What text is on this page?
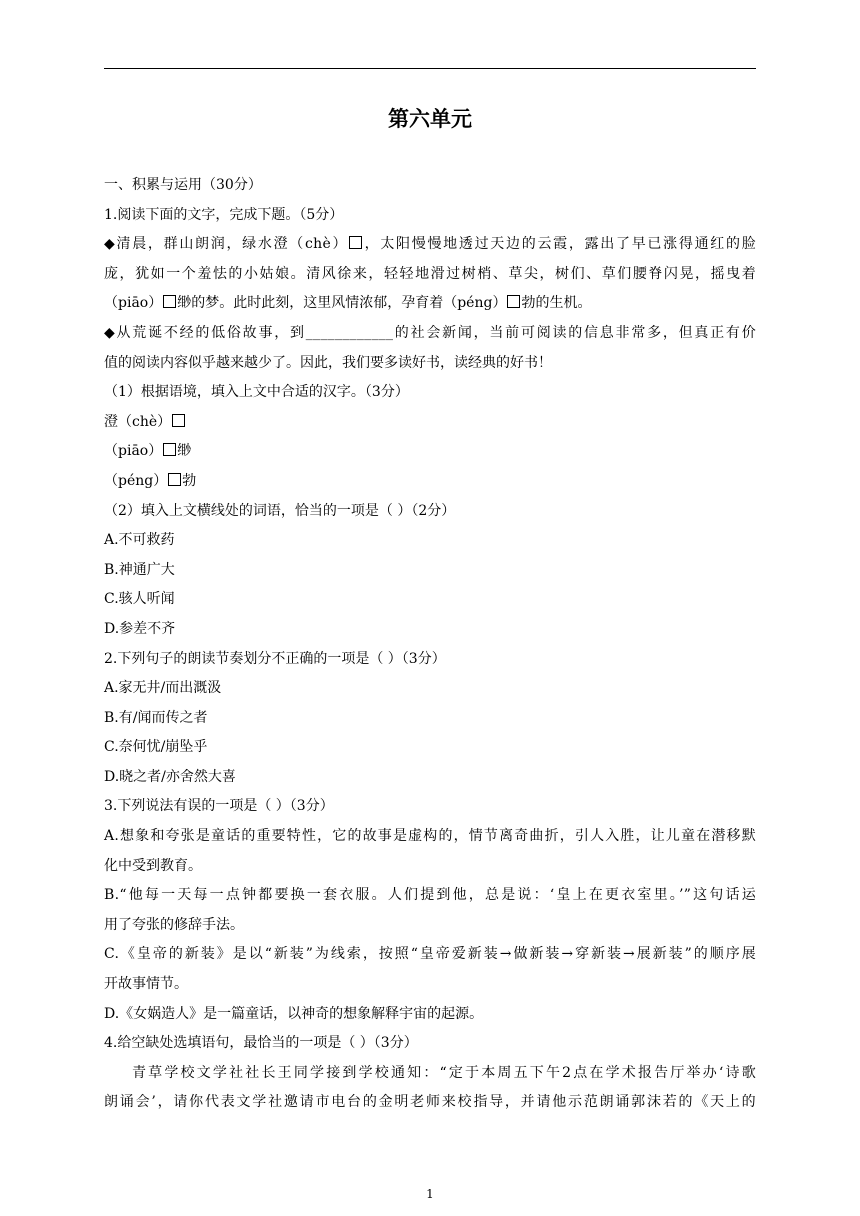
第六单元
一、积累与运用（30分）
1.阅读下面的文字，完成下题。（5分）
◆清晨，群山朗润，绿水澄（chè） ，太阳慢慢地透过天边的云霞，露出了早已涨得通红的脸
庞，犹如一个羞怯的小姑娘。清风徐来，轻轻地滑过树梢、草尖，树们、草们腰脊闪晃，摇曳着
（piāo） 缈的梦。此时此刻，这里风情浓郁，孕育着（péng） 勃的生机。
◆从荒诞不经的低俗故事，到____________的社会新闻，当前可阅读的信息非常多，但真正有价
值的阅读内容似乎越来越少了。因此，我们要多读好书，读经典的好书！
（1）根据语境，填入上文中合适的汉字。（3分）
澄（chè）
（piāo） 缈
（péng） 勃
（2）填入上文横线处的词语，恰当的一项是（ ）（2分）
A.不可救药
B.神通广大
C.骇人听闻
D.参差不齐
2.下列句子的朗读节奏划分不正确的一项是（ ）（3分）
A.家无井/而出溉汲
B.有/闻而传之者
C.奈何忧/崩坠乎
D.晓之者/亦舍然大喜
3.下列说法有误的一项是（ ）（3分）
A.想象和夸张是童话的重要特性，它的故事是虚构的，情节离奇曲折，引人入胜，让儿童在潜移默
化中受到教育。
B.“他每一天每一点钟都要换一套衣服。人们提到他，总是说：‘皇上在更衣室里。’”这句话运
用了夸张的修辞手法。
C.《皇帝的新装》是以“新装”为线索，按照“皇帝爱新装→做新装→穿新装→展新装”的顺序展
开故事情节。
D.《女娲造人》是一篇童话，以神奇的想象解释宇宙的起源。
4.给空缺处选填语句，最恰当的一项是（ ）（3分）
青草学校文学社社长王同学接到学校通知：“定于本周五下午2点在学术报告厅举办‘诗歌
朗诵会’，请你代表文学社邀请市电台的金明老师来校指导，并请他示范朗诵郭沫若的《天上的
1
